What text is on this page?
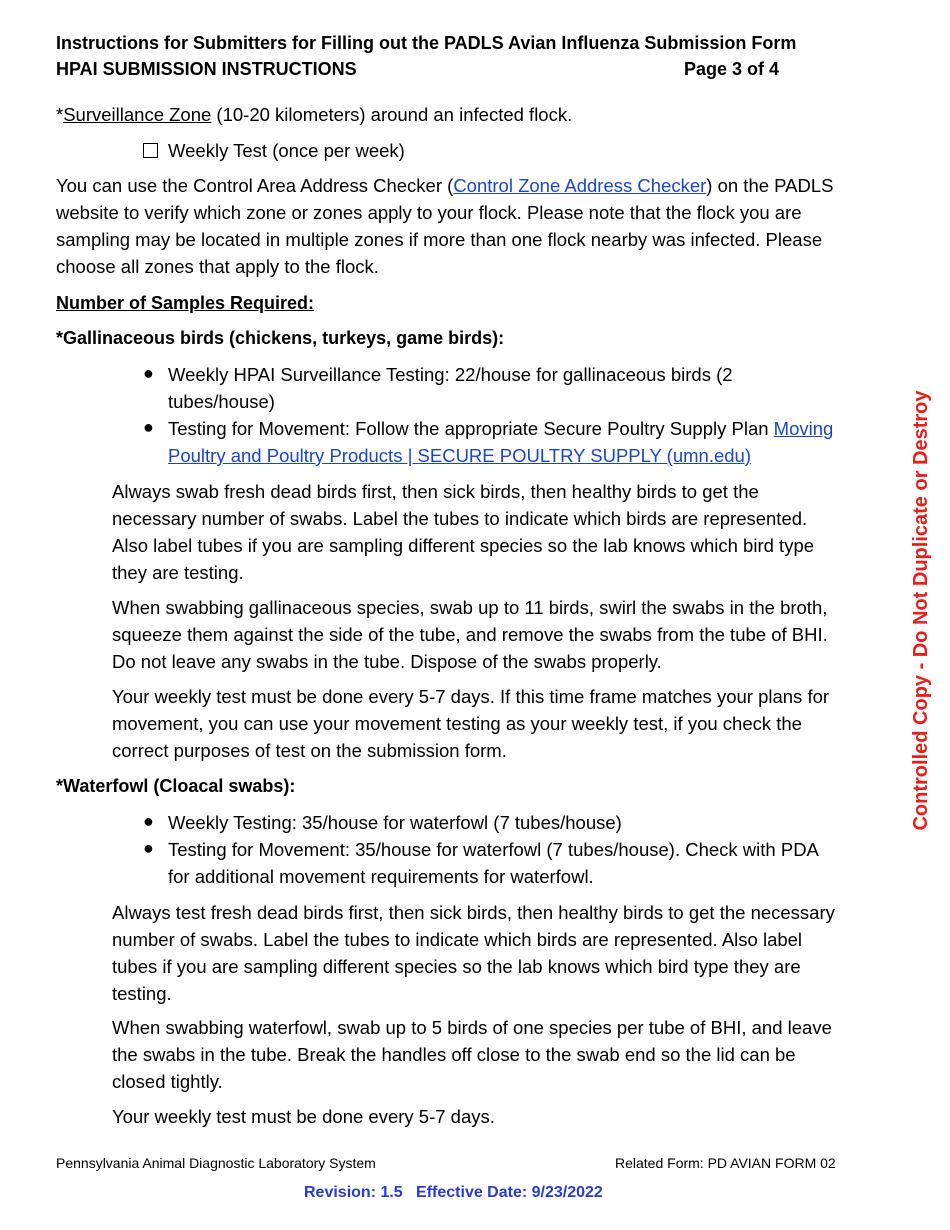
Instructions for Submitters for Filling out the PADLS Avian Influenza Submission Form
HPAI SUBMISSION INSTRUCTIONS	Page 3 of 4
*Surveillance Zone (10-20 kilometers) around an infected flock.
Weekly Test (once per week)
You can use the Control Area Address Checker (Control Zone Address Checker) on the PADLS
website to verify which zone or zones apply to your flock. Please note that the flock you are
sampling may be located in multiple zones if more than one flock nearby was infected. Please
choose all zones that apply to the flock.
Number of Samples Required:
*Gallinaceous birds (chickens, turkeys, game birds):
● Weekly HPAI Surveillance Testing: 22/house for gallinaceous birds (2
tubes/house)
● Testing for Movement: Follow the appropriate Secure Poultry Supply Plan Moving
Poultry and Poultry Products | SECURE POULTRY SUPPLY (umn.edu)
Always swab fresh dead birds first, then sick birds, then healthy birds to get the
necessary number of swabs. Label the tubes to indicate which birds are represented.
Also label tubes if you are sampling different species so the lab knows which bird type
they are testing.
When swabbing gallinaceous species, swab up to 11 birds, swirl the swabs in the broth,
squeeze them against the side of the tube, and remove the swabs from the tube of BHI.
Do not leave any swabs in the tube. Dispose of the swabs properly.
Your weekly test must be done every 5-7 days. If this time frame matches your plans for
movement, you can use your movement testing as your weekly test, if you check the
correct purposes of test on the submission form.
*Waterfowl (Cloacal swabs):
● Weekly Testing: 35/house for waterfowl (7 tubes/house)
● Testing for Movement: 35/house for waterfowl (7 tubes/house). Check with PDA
for additional movement requirements for waterfowl.
Always test fresh dead birds first, then sick birds, then healthy birds to get the necessary
number of swabs. Label the tubes to indicate which birds are represented. Also label
tubes if you are sampling different species so the lab knows which bird type they are
testing.
When swabbing waterfowl, swab up to 5 birds of one species per tube of BHI, and leave
the swabs in the tube. Break the handles off close to the swab end so the lid can be
closed tightly.
Your weekly test must be done every 5-7 days.
Pennsylvania Animal Diagnostic Laboratory System	Related Form: PD AVIAN FORM 02
Revision: 1.5   Effective Date: 9/23/2022
Controlled Copy - Do Not Duplicate or Destroy
